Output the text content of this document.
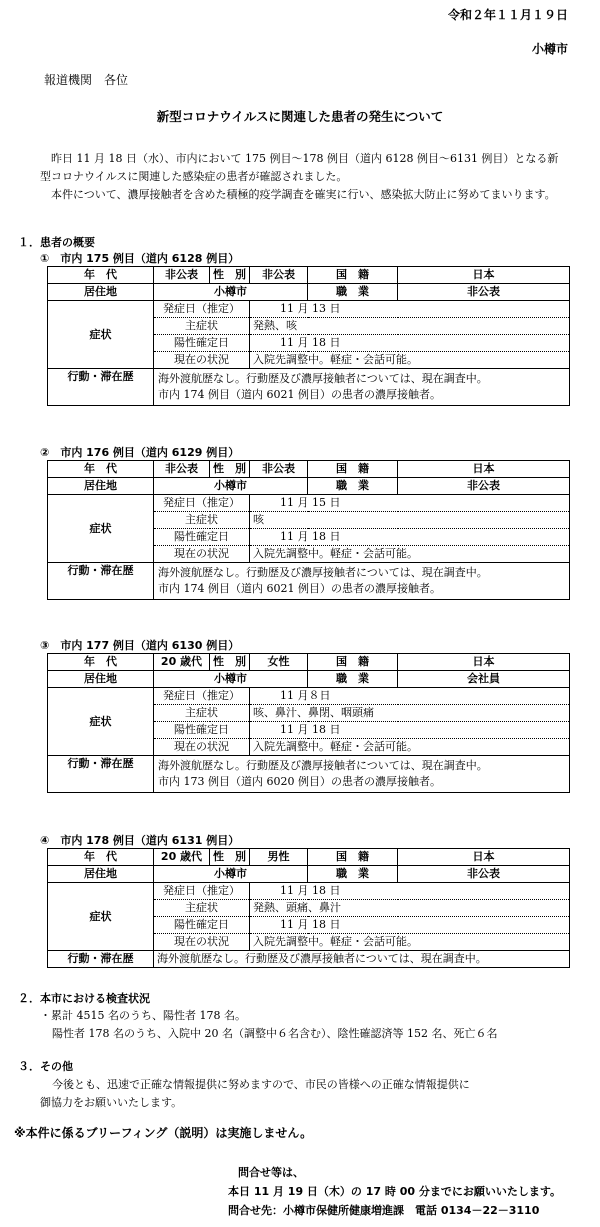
令和２年１１月１９日
小樽市
報道機関　各位
新型コロナウイルスに関連した患者の発生について
　昨日 11 月 18 日（水）、市内において 175 例目～178 例目（道内 6128 例目～6131 例目）となる新型コロナウイルスに関連した感染症の患者が確認されました。
　本件について、濃厚接触者を含めた積極的疫学調査を確実に行い、感染拡大防止に努めてまいります。
１．患者の概要
①　市内 175 例目（道内 6128 例目）
年　代	非公表	性　別	非公表	国　籍	日本
居住地	小樽市			職　業	非公表
症状	発症日（推定）		11 月 13 日		
	主症状		発熱、咳		
	陽性確定日		11 月 18 日		
	現在の状況		入院先調整中。軽症・会話可能。		
行動・滞在歴	海外渡航歴なし。行動歴及び濃厚接触者については、現在調査中。
市内 174 例目（道内 6021 例目）の患者の濃厚接触者。				
②　市内 176 例目（道内 6129 例目）
年　代	非公表	性　別	非公表	国　籍	日本
居住地	小樽市			職　業	非公表
症状	発症日（推定）		11 月 15 日		
	主症状		咳		
	陽性確定日		11 月 18 日		
	現在の状況		入院先調整中。軽症・会話可能。		
行動・滞在歴	海外渡航歴なし。行動歴及び濃厚接触者については、現在調査中。
市内 174 例目（道内 6021 例目）の患者の濃厚接触者。				
③　市内 177 例目（道内 6130 例目）
年　代	20 歳代	性　別	女性	国　籍	日本
居住地	小樽市			職　業	会社員
症状	発症日（推定）		11 月８日		
	主症状		咳、鼻汁、鼻閉、咽頭痛		
	陽性確定日		11 月 18 日		
	現在の状況		入院先調整中。軽症・会話可能。		
行動・滞在歴	海外渡航歴なし。行動歴及び濃厚接触者については、現在調査中。
市内 173 例目（道内 6020 例目）の患者の濃厚接触者。				
④　市内 178 例目（道内 6131 例目）
年　代	20 歳代	性　別	男性	国　籍	日本
居住地	小樽市			職　業	非公表
症状	発症日（推定）		11 月 18 日		
	主症状		発熱、頭痛、鼻汁		
	陽性確定日		11 月 18 日		
	現在の状況		入院先調整中。軽症・会話可能。		
行動・滞在歴	海外渡航歴なし。行動歴及び濃厚接触者については、現在調査中。				
２．本市における検査状況
・累計 4515 名のうち、陽性者 178 名。
陽性者 178 名のうち、入院中 20 名（調整中６名含む）、陰性確認済等 152 名、死亡６名
３．その他
今後とも、迅速で正確な情報提供に努めますので、市民の皆様への正確な情報提供に
御協力をお願いいたします。
※本件に係るブリーフィング（説明）は実施しません。
問合せ等は、
本日 11 月 19 日（木）の 17 時 00 分までにお願いいたします。
問合せ先：小樽市保健所健康増進課　電話 0134－22－3110
